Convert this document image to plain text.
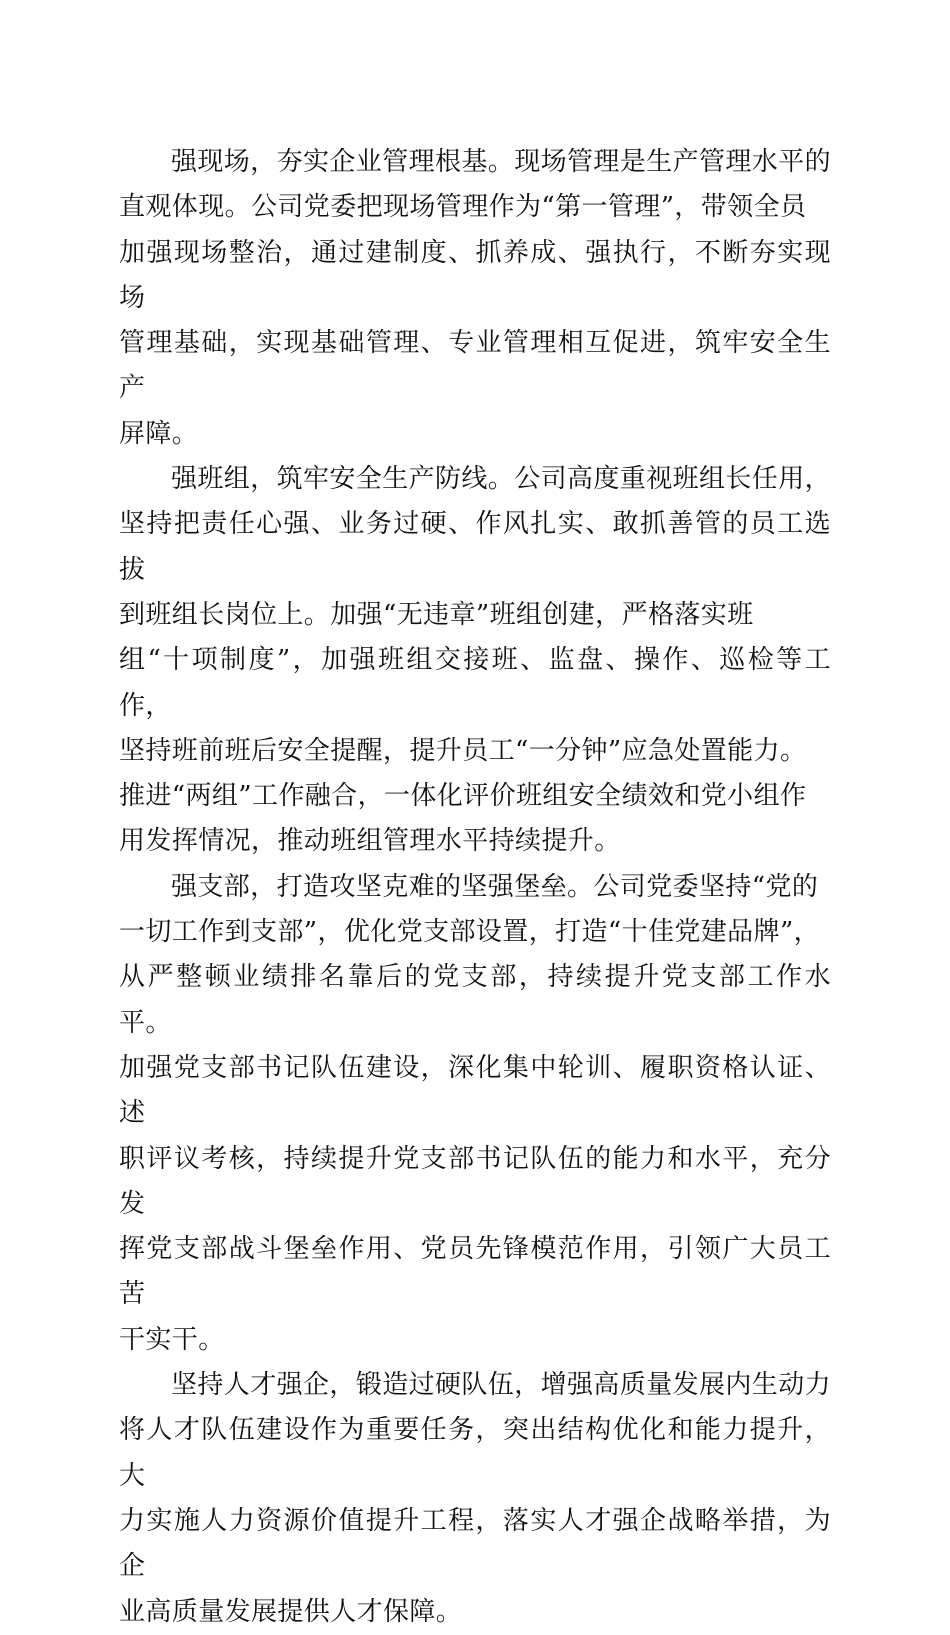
强现场，夯实企业管理根基。现场管理是生产管理水平的
直观体现。公司党委把现场管理作为“第一管理”，带领全员
加强现场整治，通过建制度、抓养成、强执行，不断夯实现场
管理基础，实现基础管理、专业管理相互促进，筑牢安全生产
屏障。

强班组，筑牢安全生产防线。公司高度重视班组长任用，
坚持把责任心强、业务过硬、作风扎实、敢抓善管的员工选拔
到班组长岗位上。加强“无违章”班组创建，严格落实班
组“十项制度”，加强班组交接班、监盘、操作、巡检等工作，
坚持班前班后安全提醒，提升员工“一分钟”应急处置能力。
推进“两组”工作融合，一体化评价班组安全绩效和党小组作
用发挥情况，推动班组管理水平持续提升。

强支部，打造攻坚克难的坚强堡垒。公司党委坚持“党的
一切工作到支部”，优化党支部设置，打造“十佳党建品牌”，
从严整顿业绩排名靠后的党支部，持续提升党支部工作水平。
加强党支部书记队伍建设，深化集中轮训、履职资格认证、述
职评议考核，持续提升党支部书记队伍的能力和水平，充分发
挥党支部战斗堡垒作用、党员先锋模范作用，引领广大员工苦
干实干。

坚持人才强企，锻造过硬队伍，增强高质量发展内生动力
将人才队伍建设作为重要任务，突出结构优化和能力提升，大
力实施人力资源价值提升工程，落实人才强企战略举措，为企
业高质量发展提供人才保障。
